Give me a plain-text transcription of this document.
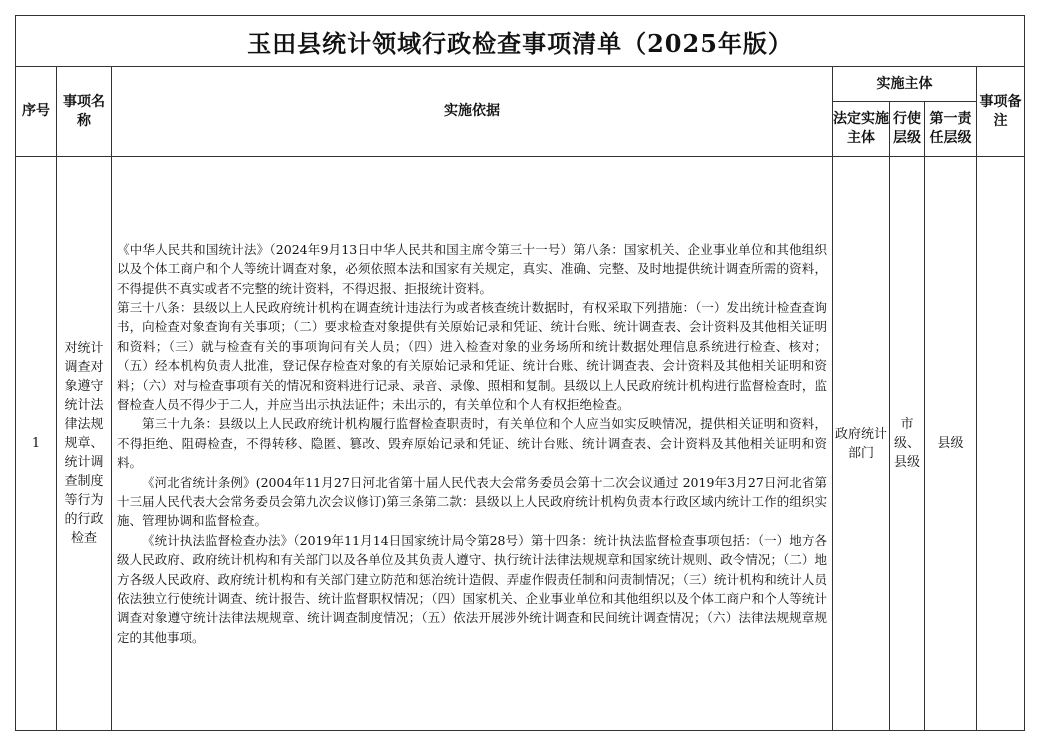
玉田县统计领域行政检查事项清单（2025年版）						
序号	事项名称	实施依据	实施主体			事项备注
			法定实施主体	行使层级	第一责任层级	
1	对统计调查对象遵守统计法律法规规章、统计调查制度等行为的行政检查	《中华人民共和国统计法》（2024年9月13日中华人民共和国主席令第三十一号）第八条：国家机关、企业事业单位和其他组织以及个体工商户和个人等统计调查对象，必须依照本法和国家有关规定，真实、准确、完整、及时地提供统计调查所需的资料，不得提供不真实或者不完整的统计资料，不得迟报、拒报统计资料。

第三十八条：县级以上人民政府统计机构在调查统计违法行为或者核查统计数据时，有权采取下列措施：（一）发出统计检查查询书，向检查对象查询有关事项；（二）要求检查对象提供有关原始记录和凭证、统计台账、统计调查表、会计资料及其他相关证明和资料；（三）就与检查有关的事项询问有关人员；（四）进入检查对象的业务场所和统计数据处理信息系统进行检查、核对；（五）经本机构负责人批准，登记保存检查对象的有关原始记录和凭证、统计台账、统计调查表、会计资料及其他相关证明和资料；（六）对与检查事项有关的情况和资料进行记录、录音、录像、照相和复制。县级以上人民政府统计机构进行监督检查时，监督检查人员不得少于二人，并应当出示执法证件；未出示的，有关单位和个人有权拒绝检查。

第三十九条：县级以上人民政府统计机构履行监督检查职责时，有关单位和个人应当如实反映情况，提供相关证明和资料，不得拒绝、阻碍检查，不得转移、隐匿、篡改、毁弃原始记录和凭证、统计台账、统计调查表、会计资料及其他相关证明和资料。

《河北省统计条例》(2004年11月27日河北省第十届人民代表大会常务委员会第十二次会议通过 2019年3月27日河北省第十三届人民代表大会常务委员会第九次会议修订)第三条第二款：县级以上人民政府统计机构负责本行政区域内统计工作的组织实施、管理协调和监督检查。

《统计执法监督检查办法》（2019年11月14日国家统计局令第28号）第十四条：统计执法监督检查事项包括：（一）地方各级人民政府、政府统计机构和有关部门以及各单位及其负责人遵守、执行统计法律法规规章和国家统计规则、政令情况；（二）地方各级人民政府、政府统计机构和有关部门建立防范和惩治统计造假、弄虚作假责任制和问责制情况；（三）统计机构和统计人员依法独立行使统计调查、统计报告、统计监督职权情况；（四）国家机关、企业事业单位和其他组织以及个体工商户和个人等统计调查对象遵守统计法律法规规章、统计调查制度情况；（五）依法开展涉外统计调查和民间统计调查情况；（六）法律法规规章规定的其他事项。	政府统计部门	市级、县级	县级	
